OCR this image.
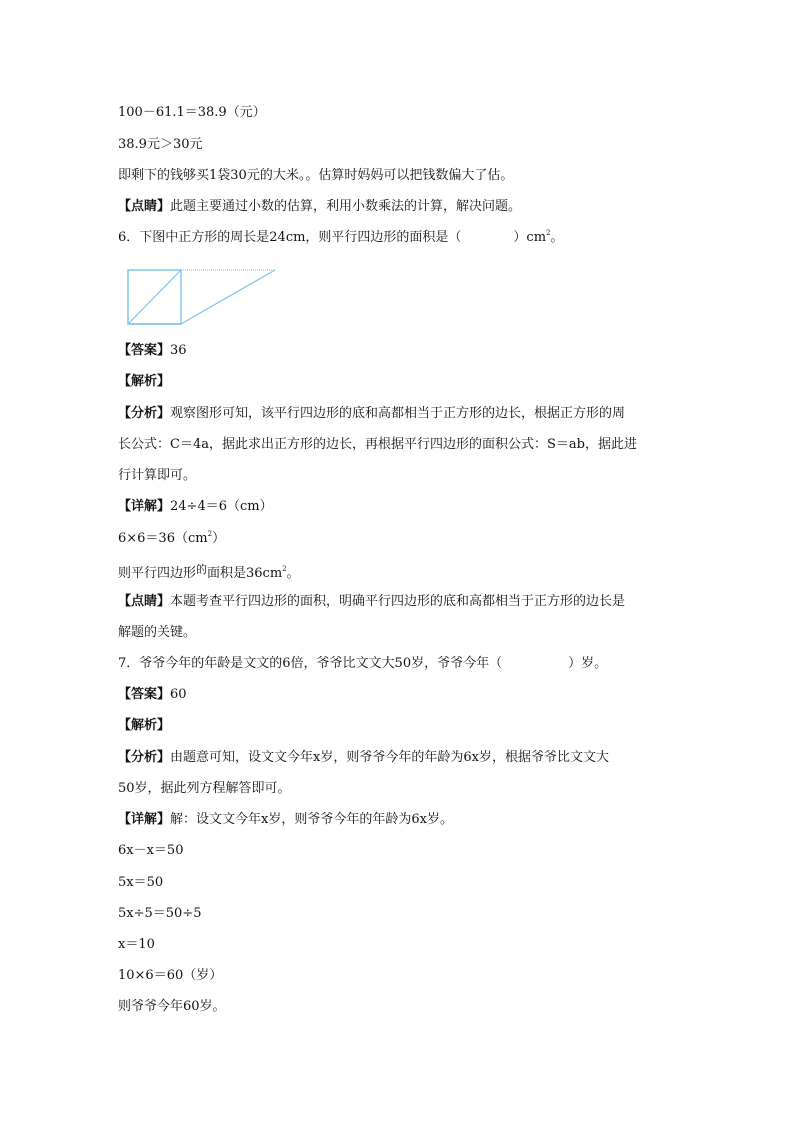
100－61.1＝38.9（元）
38.9元＞30元
即剩下的钱够买1袋30元的大米。。估算时妈妈可以把钱数偏大了估。
【点睛】此题主要通过小数的估算，利用小数乘法的计算，解决问题。
6．下图中正方形的周长是24cm，则平行四边形的面积是（	）$cm^2$。
【答案】36
【解析】
【分析】观察图形可知，该平行四边形的底和高都相当于正方形的边长，根据正方形的周
长公式：C＝4a，据此求出正方形的边长，再根据平行四边形的面积公式：S＝ab，据此进
行计算即可。
【详解】24÷4＝6（cm）
$6\times 6=36(cm^2)$
则平行四边形$^的$面积是$36cm^2$。
【点睛】本题考查平行四边形的面积，明确平行四边形的底和高都相当于正方形的边长是
解题的关键。
7．爷爷今年的年龄是文文的6倍，爷爷比文文大50岁，爷爷今年（	）岁。
【答案】60
【解析】
【分析】由题意可知，设文文今年x岁，则爷爷今年的年龄为6x岁，根据爷爷比文文大
50岁，据此列方程解答即可。
【详解】解：设文文今年x岁，则爷爷今年的年龄为6x岁。
6x－x＝50
5x＝50
5x÷5＝50÷5
x＝10
10×6＝60（岁）
则爷爷今年60岁。
